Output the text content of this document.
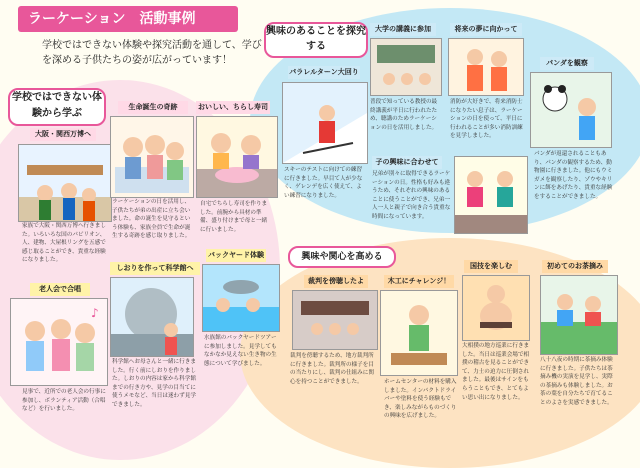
ラーケーション　活動事例
学校ではできない体験や探究活動を通して、学びを深める子供たちの姿が広がっています！
学校ではできない体験から学ぶ
興味のあることを探究する
興味や関心を高める
大阪・関西万博へ
家族で大阪・関西万博へ行きました。いろいろな国のパビリオン、人、建物、大屋根リングを五感で感じ取ることができ、貴重な経験になりました。
生命誕生の奇跡
ラーケーションの日を活用し、子供たちが弟の出産に立ち会いました。命の誕生を見守るという体験も、家族全員で生命が誕生する奇跡を感じ取りました。
おいしい、ちらし寿司
自宅でちらし寿司を作りました。前腕から具材の準備、盛り付けまで母と一緒に行いました。
老人会で合唱
♪
見事で、近所での老人会の行事に参加し、ボランティア活動（合唱など）を行いました。
しおりを作って科学館へ
科学館へお母さんと一緒に行きました。行く前にしおりを作りました。しおりの内容は家から科学館までの行き方や、見学の目当てに使うメモなど、当日は迷わず見学できました。
バックヤード体験
水族館のバックヤードツアーに参加しました。見学してもなかなか見えない生き物の生態について学びました。
パラレルターン大回り
スキーのテストに向けての練習に行きました。早目て人が少なく、ゲレンデを広く使えて、よい練習になりました。
大学の講義に参加
普段で知っている教授の最終講義が平日に行われたため、聴講のためラーケーションの日を活用しました。
将来の夢に向かって
消防が大好きで、将来消防士になりたい息子は、ラーケーションの日を使って、平日に行われることが多い消防訓練を見学しました。
パンダを観察
パンダが返還されることもあり、パンダの観察するため、動物園に行きました。他にもウミガメを観察したり、ゾウやキリンに餌をあげたり、貴重な経験をすることができました。
子の興味に合わせて
兄弟が別々に取得できるラーケーションの日。性格も好みも違うため、それぞれの興味のあることに使うことができ、兄弟一人一人と親子で向き合う貴重な時間になっています。
裁判を傍聴したよ
裁判を傍聴するため、地方裁判所に行きました。裁判所の様子を目の当たりにし、裁判の仕組みに関心を持つことができました。
木工にチャレンジ！
ホームセンターの材料を購入しました。インパクトドライバーや塗料を使う経験もでき、楽しみながらものづくりの興味を広げました。
国技を楽しむ
大相撲の地方巡業に行きました。当日は巡業会場で相撲の稽古を見ることができて、力士の迫力に圧倒されました。最後はサインをもらうこともでき、とてもよい思い出になりました。
初めてのお茶摘み
八十八夜の時期に茶摘み体験に行きました。子供たちは茶摘み機の実演を見学し、実際の茶摘みも体験しました。お茶の葉を自分たちで育てることのよさを実感できました。
